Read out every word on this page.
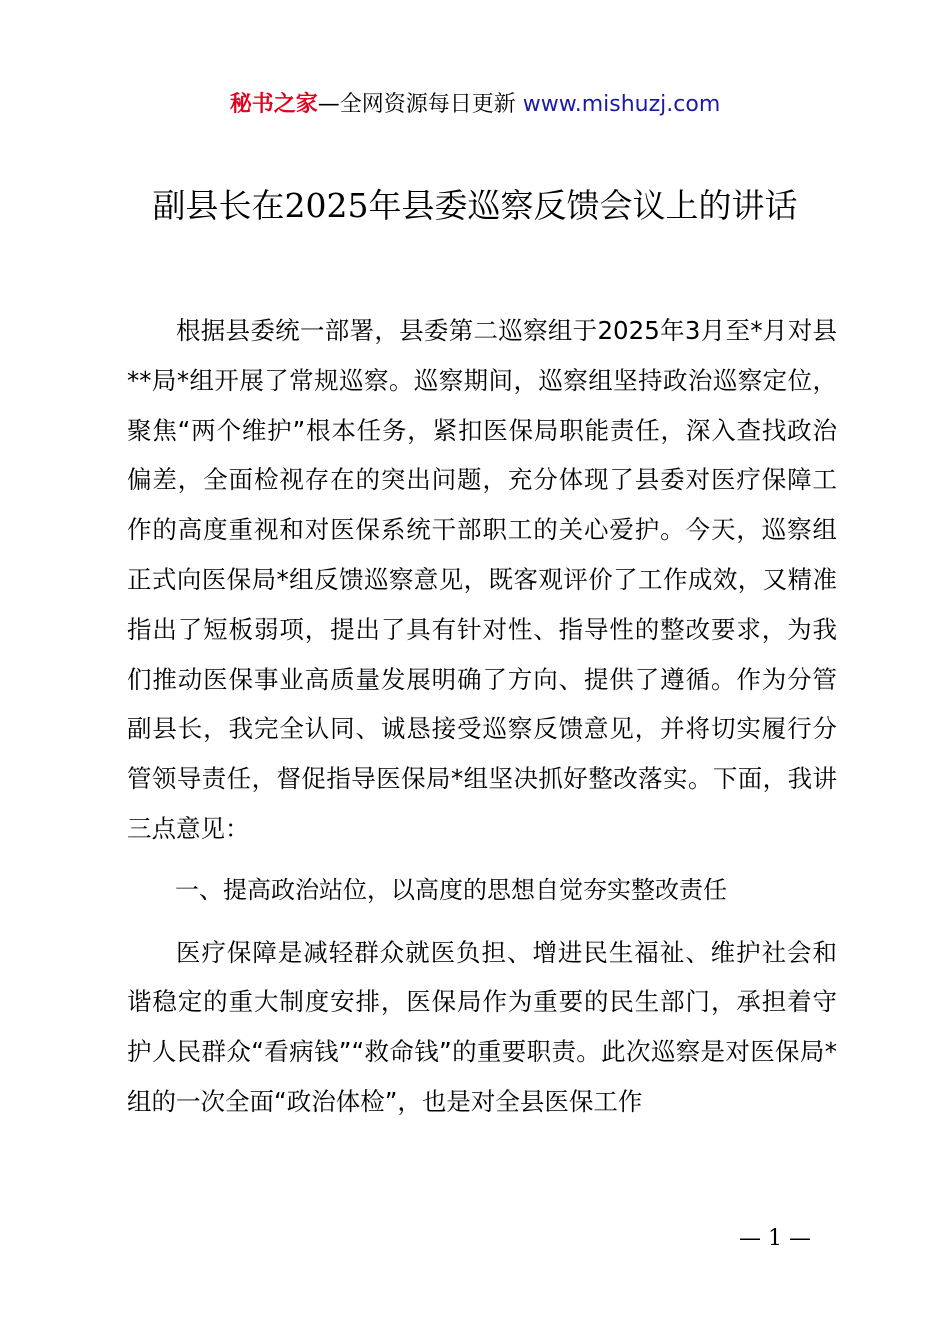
秘书之家—全网资源每日更新 www.mishuzj.com
副县长在2025年县委巡察反馈会议上的讲话

根据县委统一部署，县委第二巡察组于2025年3月至*月对县**局*组开展了常规巡察。巡察期间，巡察组坚持政治巡察定位，聚焦“两个维护”根本任务，紧扣医保局职能责任，深入查找政治偏差，全面检视存在的突出问题，充分体现了县委对医疗保障工作的高度重视和对医保系统干部职工的关心爱护。今天，巡察组正式向医保局*组反馈巡察意见，既客观评价了工作成效，又精准指出了短板弱项，提出了具有针对性、指导性的整改要求，为我们推动医保事业高质量发展明确了方向、提供了遵循。作为分管副县长，我完全认同、诚恳接受巡察反馈意见，并将切实履行分管领导责任，督促指导医保局*组坚决抓好整改落实。下面，我讲三点意见：

一、提高政治站位，以高度的思想自觉夯实整改责任

医疗保障是减轻群众就医负担、增进民生福祉、维护社会和谐稳定的重大制度安排，医保局作为重要的民生部门，承担着守护人民群众“看病钱”“救命钱”的重要职责。此次巡察是对医保局*组的一次全面“政治体检”，也是对全县医保工作

— 1 —
